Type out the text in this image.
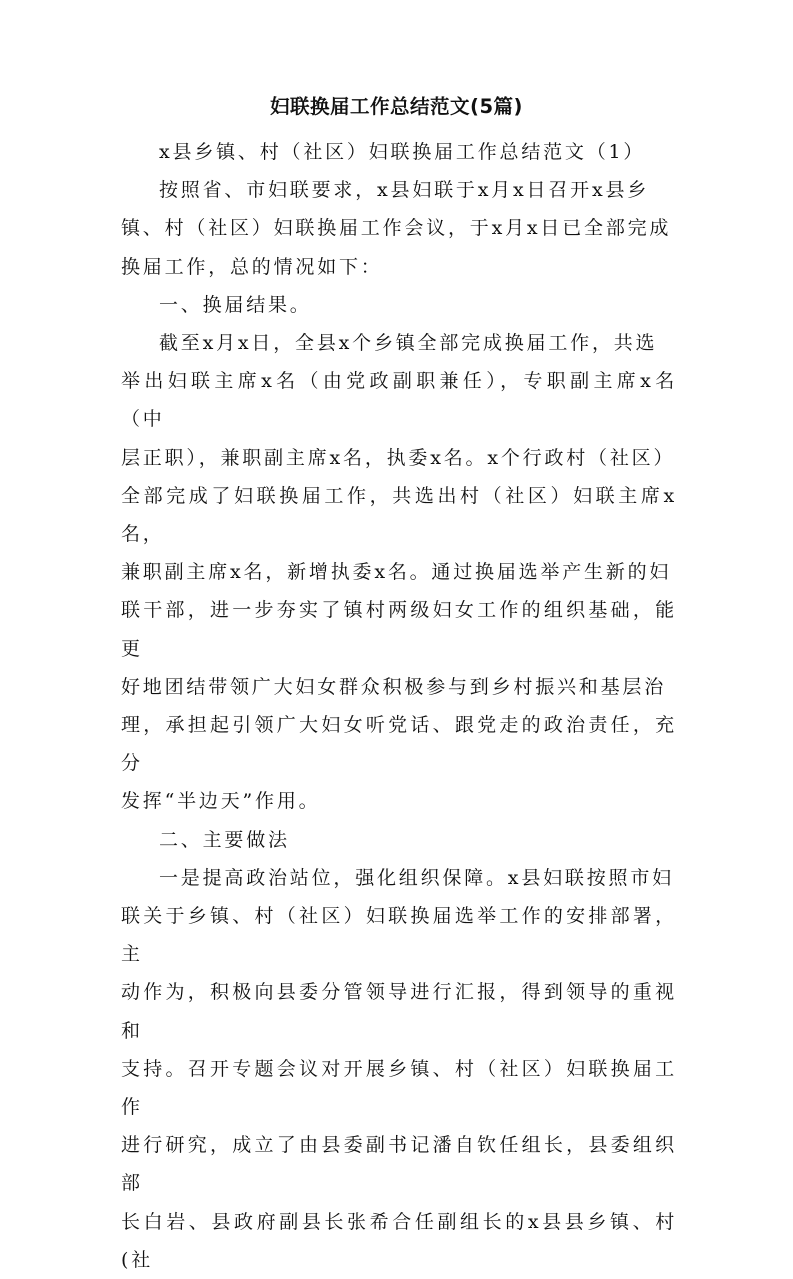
妇联换届工作总结范文(5篇)

x县乡镇、村（社区）妇联换届工作总结范文（1）

按照省、市妇联要求，x县妇联于x月x日召开x县乡
镇、村（社区）妇联换届工作会议，于x月x日已全部完成
换届工作，总的情况如下：

一、换届结果。

截至x月x日，全县x个乡镇全部完成换届工作，共选
举出妇联主席x名（由党政副职兼任），专职副主席x名（中
层正职），兼职副主席x名，执委x名。x个行政村（社区）
全部完成了妇联换届工作，共选出村（社区）妇联主席x名，
兼职副主席x名，新增执委x名。通过换届选举产生新的妇
联干部，进一步夯实了镇村两级妇女工作的组织基础，能更
好地团结带领广大妇女群众积极参与到乡村振兴和基层治
理，承担起引领广大妇女听党话、跟党走的政治责任，充分
发挥“半边天”作用。

二、主要做法

一是提高政治站位，强化组织保障。x县妇联按照市妇
联关于乡镇、村（社区）妇联换届选举工作的安排部署，主
动作为，积极向县委分管领导进行汇报，得到领导的重视和
支持。召开专题会议对开展乡镇、村（社区）妇联换届工作
进行研究，成立了由县委副书记潘自钦任组长，县委组织部
长白岩、县政府副县长张希合任副组长的x县县乡镇、村(社
